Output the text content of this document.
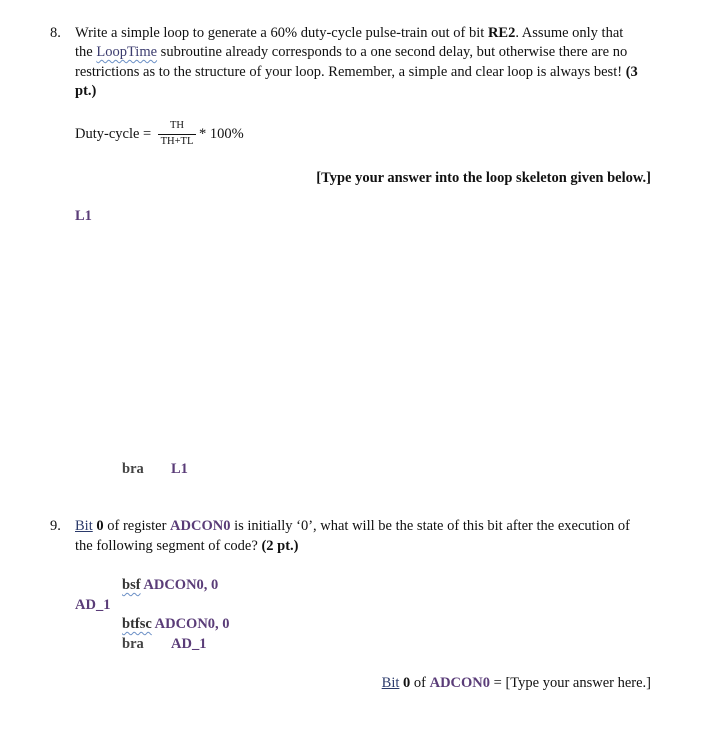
8. Write a simple loop to generate a 60% duty-cycle pulse-train out of bit RE2. Assume only that
the LoopTime subroutine already corresponds to a one second delay, but otherwise there are no
restrictions as to the structure of your loop. Remember, a simple and clear loop is always best! (3
pt.)
Duty-cycle =
TH
TH+TL * 100%
[Type your answer into the loop skeleton given below.]
L1
bra L1
9. Bit 0 of register ADCON0 is initially ‘0’, what will be the state of this bit after the execution of
the following segment of code? (2 pt.)
bsf ADCON0, 0
AD_1
btfsc ADCON0, 0
bra AD_1
Bit 0 of ADCON0 = [Type your answer here.]
